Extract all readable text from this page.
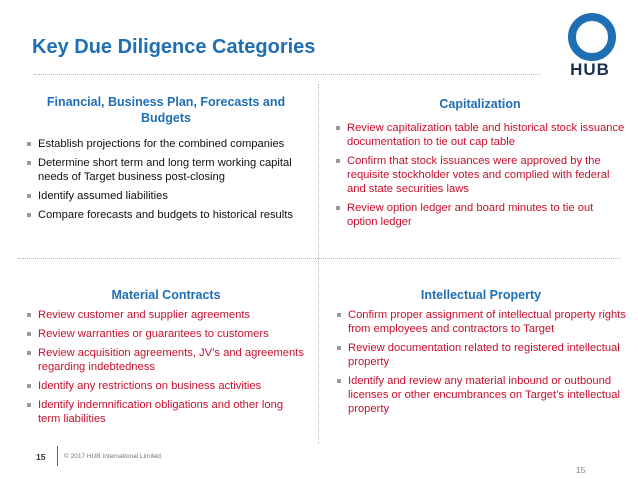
Key Due Diligence Categories
HUB
Financial, Business Plan, Forecasts and Budgets
Establish projections for the combined companies
Determine short term and long term working capital needs of Target business post-closing
Identify assumed liabilities
Compare forecasts and budgets to historical results
Capitalization
Review capitalization table and historical stock issuance documentation to tie out cap table
Confirm that stock issuances were approved by the requisite stockholder votes and complied with federal and state securities laws
Review option ledger and board minutes to tie out option ledger
Material Contracts
Review customer and supplier agreements
Review warranties or guarantees to customers
Review acquisition agreements, JV’s and agreements regarding indebtedness
Identify any restrictions on business activities
Identify indemnification obligations and other long term liabilities
Intellectual Property
Confirm proper assignment of intellectual property rights from employees and contractors to Target
Review documentation related to registered intellectual property
Identify and review any material inbound or outbound licenses or other encumbrances on Target’s intellectual property
15	© 2017 HUB International Limited.
15
